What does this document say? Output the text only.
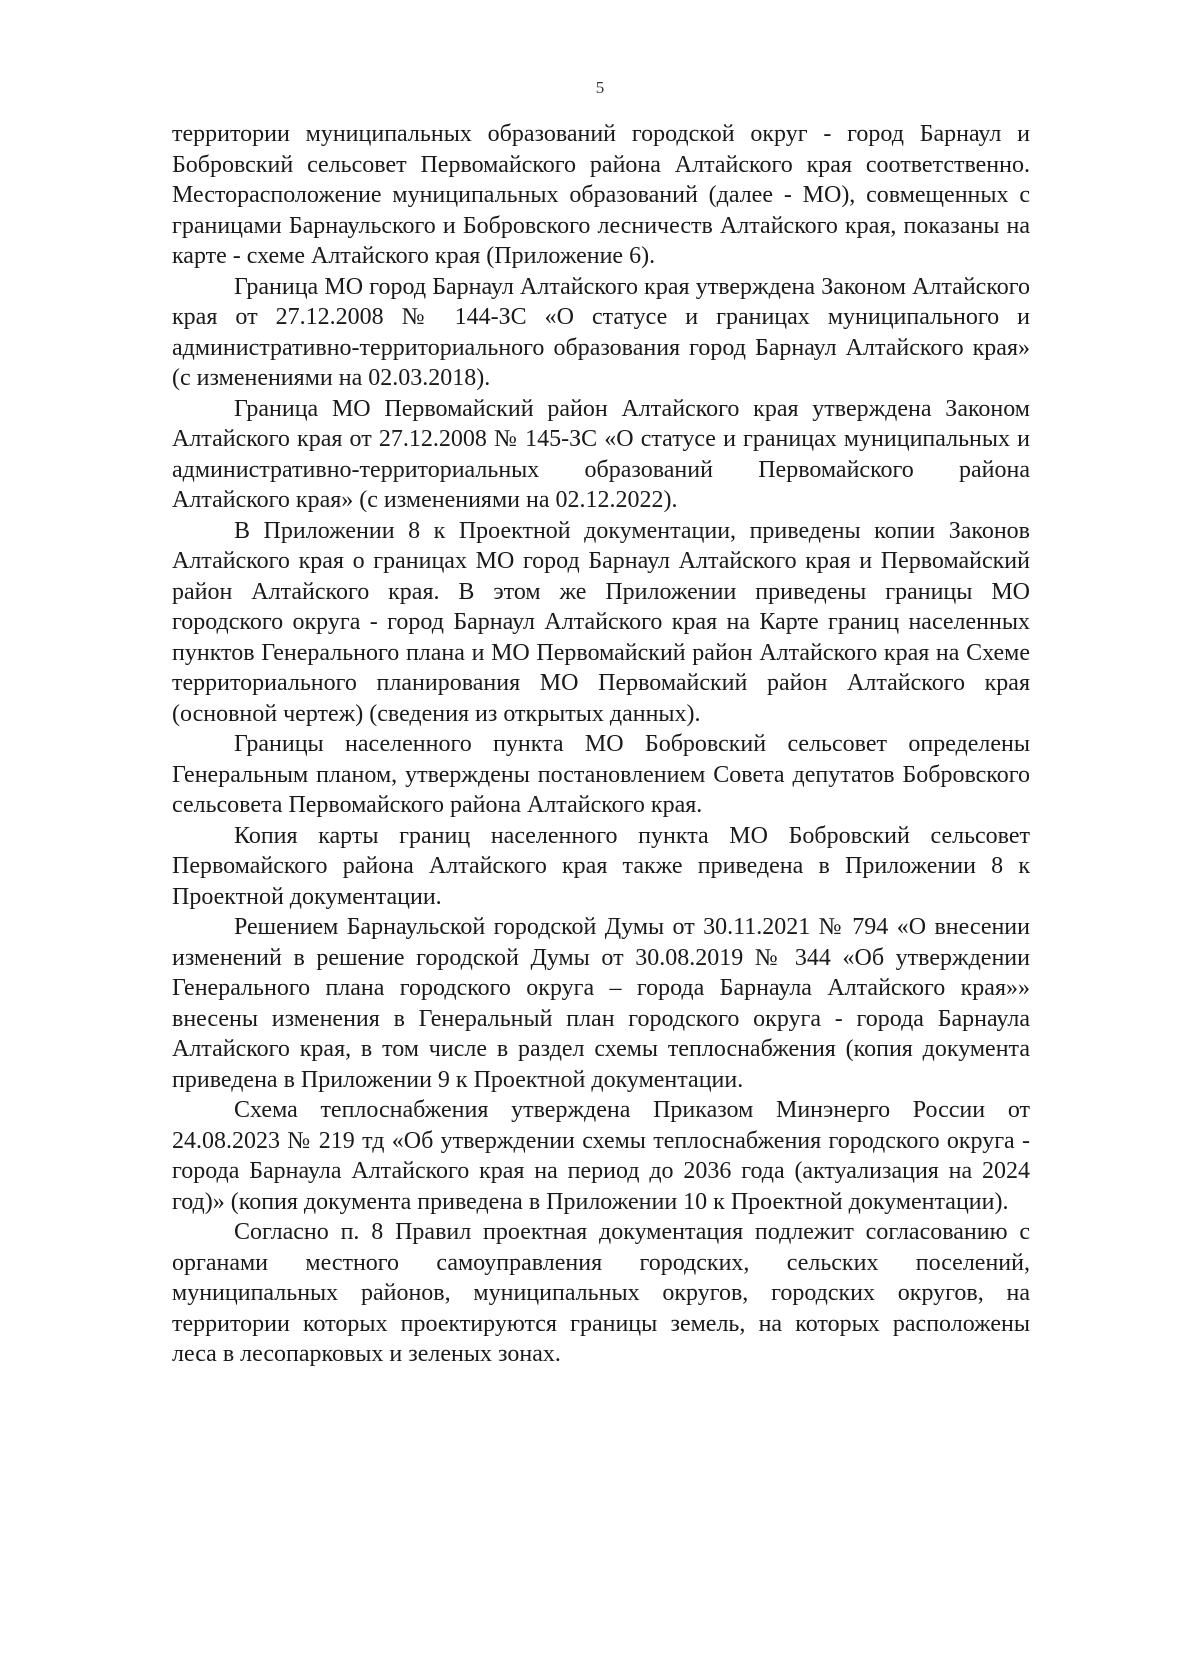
5

территории муниципальных образований городской округ - город Барнаул и Бобровский сельсовет Первомайского района Алтайского края соответственно. Месторасположение муниципальных образований (далее - МО), совмещенных с границами Барнаульского и Бобровского лесничеств Алтайского края, показаны на карте - схеме Алтайского края (Приложение 6).

Граница МО город Барнаул Алтайского края утверждена Законом Алтайского края от 27.12.2008 № 144-ЗС «О статусе и границах муниципального и административно-территориального образования город Барнаул Алтайского края» (с изменениями на 02.03.2018).

Граница МО Первомайский район Алтайского края утверждена Законом Алтайского края от 27.12.2008 № 145-ЗС «О статусе и границах муниципальных и административно-территориальных образований Первомайского района Алтайского края» (с изменениями на 02.12.2022).

В Приложении 8 к Проектной документации, приведены копии Законов Алтайского края о границах МО город Барнаул Алтайского края и Первомайский район Алтайского края. В этом же Приложении приведены границы МО городского округа - город Барнаул Алтайского края на Карте границ населенных пунктов Генерального плана и МО Первомайский район Алтайского края на Схеме территориального планирования МО Первомайский район Алтайского края (основной чертеж) (сведения из открытых данных).

Границы населенного пункта МО Бобровский сельсовет определены Генеральным планом, утверждены постановлением Совета депутатов Бобровского сельсовета Первомайского района Алтайского края.

Копия карты границ населенного пункта МО Бобровский сельсовет Первомайского района Алтайского края также приведена в Приложении 8 к Проектной документации.

Решением Барнаульской городской Думы от 30.11.2021 № 794 «О внесении изменений в решение городской Думы от 30.08.2019 № 344 «Об утверждении Генерального плана городского округа – города Барнаула Алтайского края»» внесены изменения в Генеральный план городского округа - города Барнаула Алтайского края, в том числе в раздел схемы теплоснабжения (копия документа приведена в Приложении 9 к Проектной документации.

Схема теплоснабжения утверждена Приказом Минэнерго России от 24.08.2023 № 219 тд «Об утверждении схемы теплоснабжения городского округа - города Барнаула Алтайского края на период до 2036 года (актуализация на 2024 год)» (копия документа приведена в Приложении 10 к Проектной документации).

Согласно п. 8 Правил проектная документация подлежит согласованию с органами местного самоуправления городских, сельских поселений, муниципальных районов, муниципальных округов, городских округов, на территории которых проектируются границы земель, на которых расположены леса в лесопарковых и зеленых зонах.
